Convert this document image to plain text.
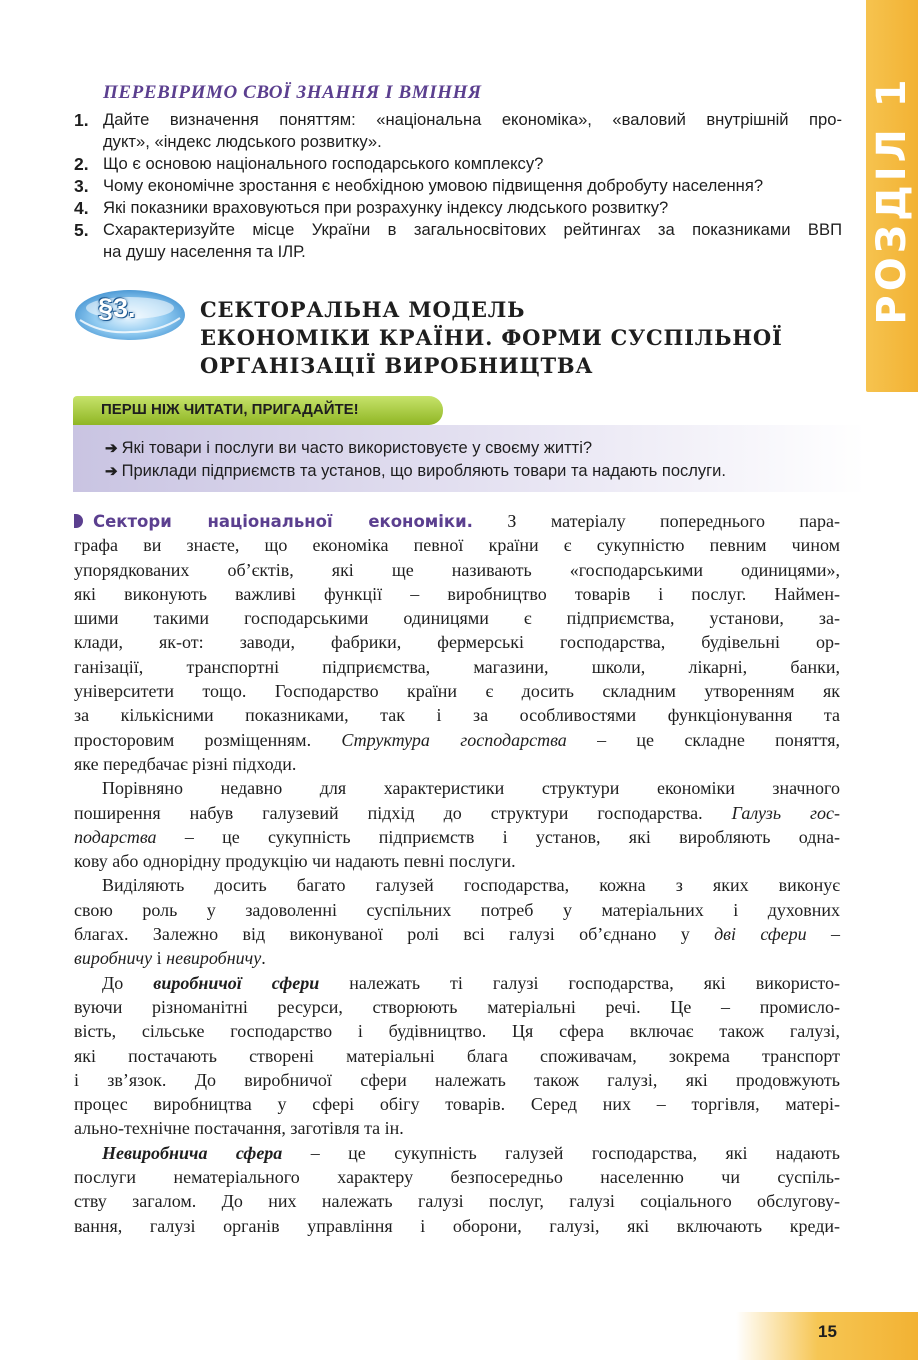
РОЗДІЛ 1
ПЕРЕВІРИМО СВОЇ ЗНАННЯ І ВМІННЯ
1. Дайте визначення поняттям: «національна економіка», «валовий внутрішній про-
дукт», «індекс людського розвитку».
2. Що є основою національного господарського комплексу?
3. Чому економічне зростання є необхідною умовою підвищення добробуту населення?
4. Які показники враховуються при розрахунку індексу людського розвитку?
5. Схарактеризуйте місце України в загальносвітових рейтингах за показниками ВВП
на душу населення та ІЛР.
§3.	СЕКТОРАЛЬНА МОДЕЛЬ
ЕКОНОМІКИ КРАЇНИ. ФОРМИ СУСПІЛЬНОЇ
ОРГАНІЗАЦІЇ ВИРОБНИЦТВА
ПЕРШ НІЖ ЧИТАТИ, ПРИГАДАЙТЕ!
➔ Які товари і послуги ви часто використовуєте у своєму житті?
➔ Приклади підприємств та установ, що виробляють товари та надають послуги.
Сектори національної економіки. З матеріалу попереднього пара-
графа ви знаєте, що економіка певної країни є сукупністю певним чином
упорядкованих об’єктів, які ще називають «господарськими одиницями»,
які виконують важливі функції – виробництво товарів і послуг. Наймен-
шими такими господарськими одиницями є підприємства, установи, за-
клади, як-от: заводи, фабрики, фермерські господарства, будівельні ор-
ганізації, транспортні підприємства, магазини, школи, лікарні, банки,
університети тощо. Господарство країни є досить складним утворенням як
за кількісними показниками, так і за особливостями функціонування та
просторовим розміщенням. Структура господарства – це складне поняття,
яке передбачає різні підходи.
Порівняно недавно для характеристики структури економіки значного
поширення набув галузевий підхід до структури господарства. Галузь гос-
подарства – це сукупність підприємств і установ, які виробляють одна-
кову або однорідну продукцію чи надають певні послуги.
Виділяють досить багато галузей господарства, кожна з яких виконує
свою роль у задоволенні суспільних потреб у матеріальних і духовних
благах. Залежно від виконуваної ролі всі галузі об’єднано у дві сфери –
виробничу і невиробничу.
До виробничої сфери належать ті галузі господарства, які використо-
вуючи різноманітні ресурси, створюють матеріальні речі. Це – промисло-
вість, сільське господарство і будівництво. Ця сфера включає також галузі,
які постачають створені матеріальні блага споживачам, зокрема транспорт
і зв’язок. До виробничої сфери належать також галузі, які продовжують
процес виробництва у сфері обігу товарів. Серед них – торгівля, матері-
ально-технічне постачання, заготівля та ін.
Невиробнича сфера – це сукупність галузей господарства, які надають
послуги нематеріального характеру безпосередньо населенню чи суспіль-
ству загалом. До них належать галузі послуг, галузі соціального обслугову-
вання, галузі органів управління і оборони, галузі, які включають креди-
15
